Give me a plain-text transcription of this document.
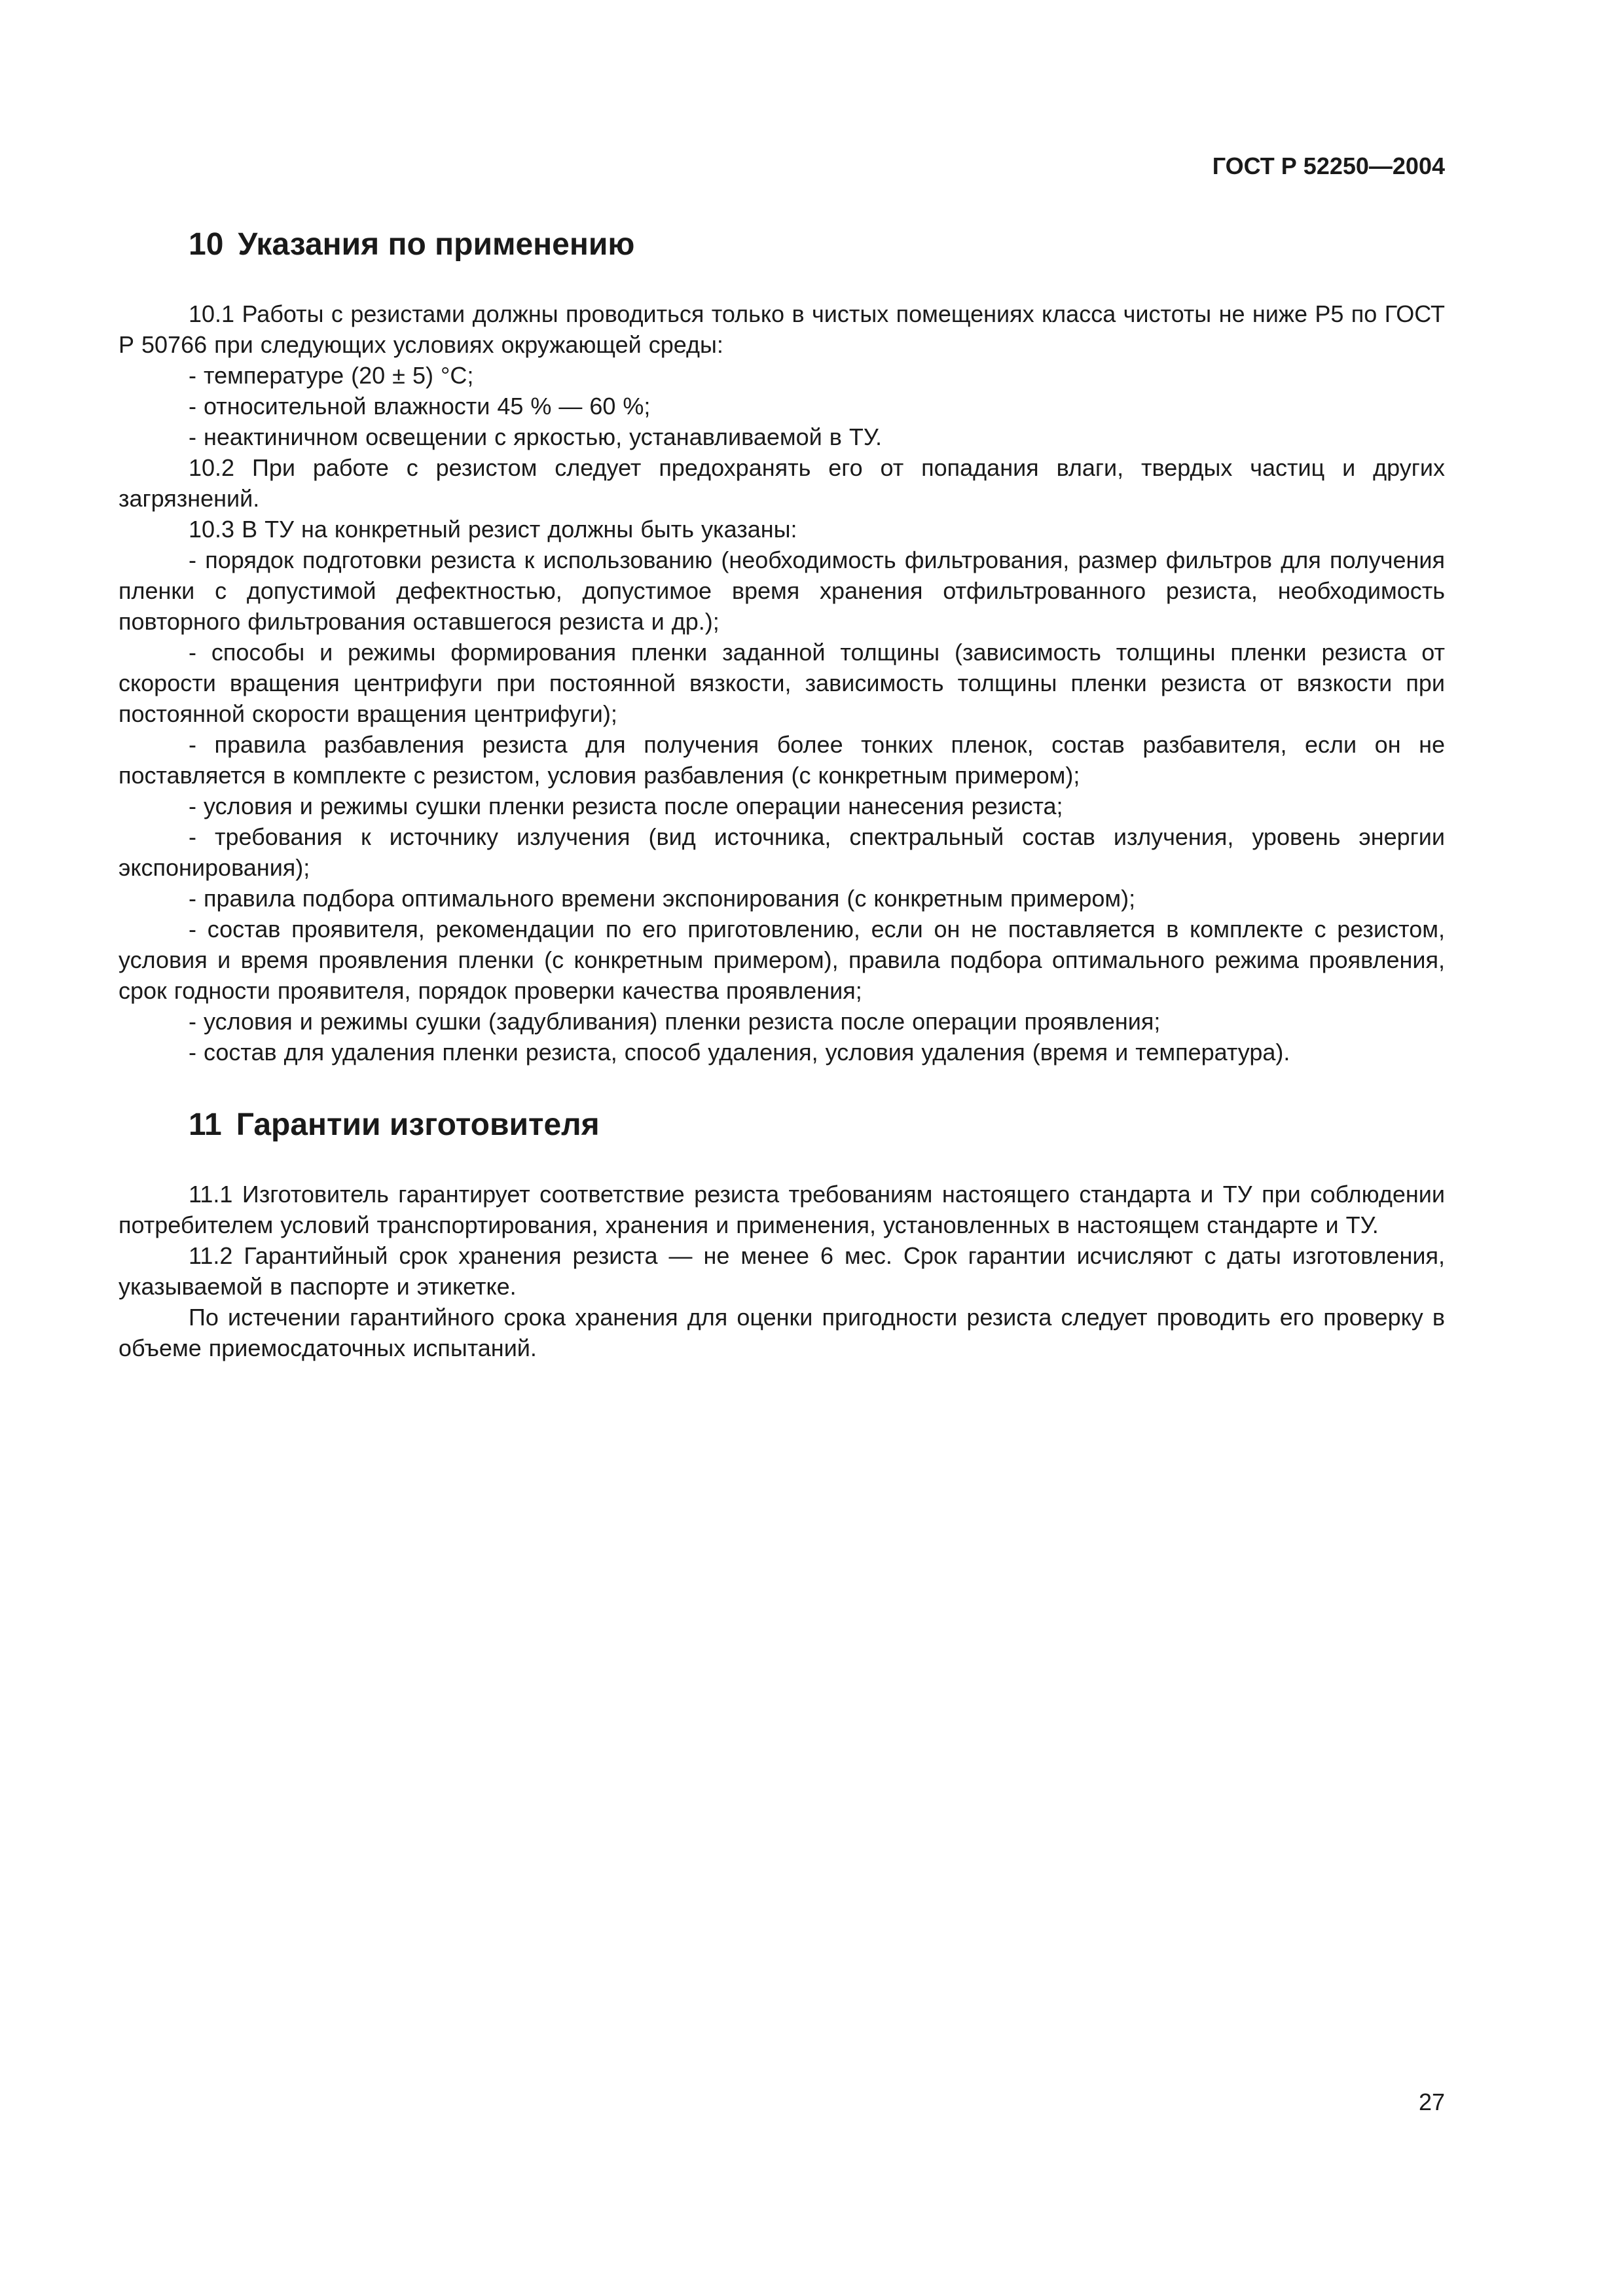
ГОСТ Р 52250—2004
10 Указания по применению

10.1 Работы с резистами должны проводиться только в чистых помещениях класса чистоты не ниже Р5 по ГОСТ Р 50766 при следующих условиях окружающей среды:

- температуре (20 ± 5) °С;

- относительной влажности 45 % — 60 %;

- неактиничном освещении с яркостью, устанавливаемой в ТУ.

10.2 При работе с резистом следует предохранять его от попадания влаги, твердых частиц и других загрязнений.

10.3 В ТУ на конкретный резист должны быть указаны:

- порядок подготовки резиста к использованию (необходимость фильтрования, размер фильтров для получения пленки с допустимой дефектностью, допустимое время хранения отфильтрованного резиста, необходимость повторного фильтрования оставшегося резиста и др.);

- способы и режимы формирования пленки заданной толщины (зависимость толщины пленки резиста от скорости вращения центрифуги при постоянной вязкости, зависимость толщины пленки резиста от вязкости при постоянной скорости вращения центрифуги);

- правила разбавления резиста для получения более тонких пленок, состав разбавителя, если он не поставляется в комплекте с резистом, условия разбавления (с конкретным примером);

- условия и режимы сушки пленки резиста после операции нанесения резиста;

- требования к источнику излучения (вид источника, спектральный состав излучения, уровень энергии экспонирования);

- правила подбора оптимального времени экспонирования (с конкретным примером);

- состав проявителя, рекомендации по его приготовлению, если он не поставляется в комплекте с резистом, условия и время проявления пленки (с конкретным примером), правила подбора оптимального режима проявления, срок годности проявителя, порядок проверки качества проявления;

- условия и режимы сушки (задубливания) пленки резиста после операции проявления;

- состав для удаления пленки резиста, способ удаления, условия удаления (время и температура).

11 Гарантии изготовителя

11.1 Изготовитель гарантирует соответствие резиста требованиям настоящего стандарта и ТУ при соблюдении потребителем условий транспортирования, хранения и применения, установленных в настоящем стандарте и ТУ.

11.2 Гарантийный срок хранения резиста — не менее 6 мес. Срок гарантии исчисляют с даты изготовления, указываемой в паспорте и этикетке.

По истечении гарантийного срока хранения для оценки пригодности резиста следует проводить его проверку в объеме приемосдаточных испытаний.

27
